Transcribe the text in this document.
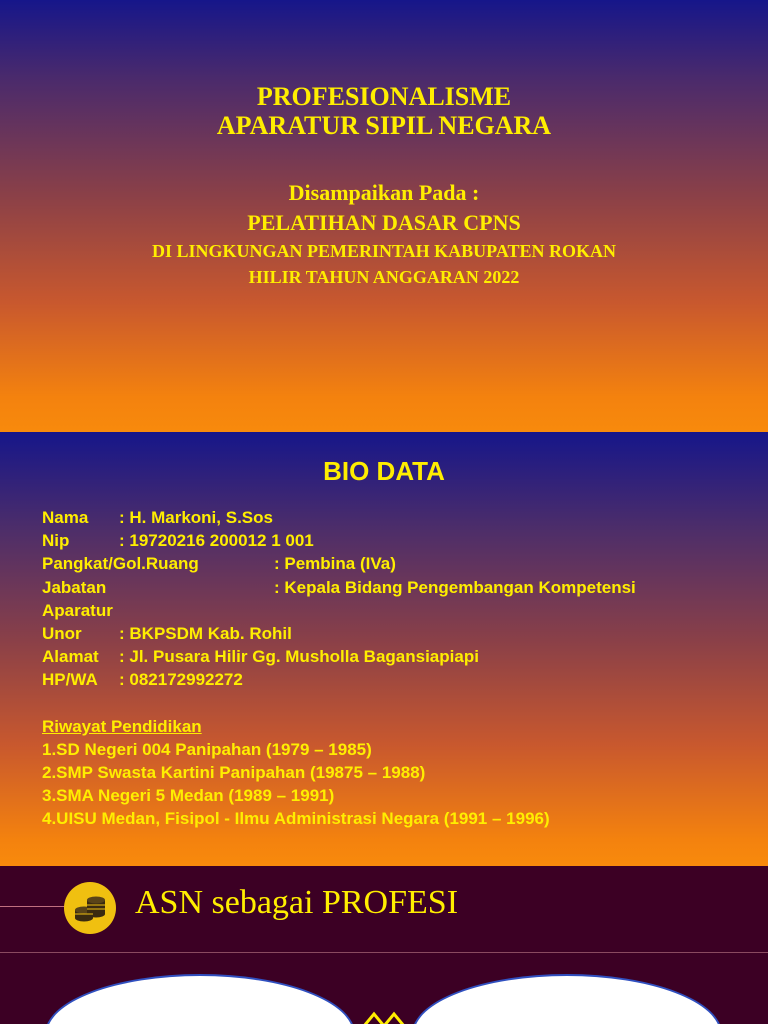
PROFESIONALISME
APARATUR SIPIL NEGARA
Disampaikan Pada :
PELATIHAN DASAR CPNS
DI LINGKUNGAN PEMERINTAH KABUPATEN ROKAN
HILIR TAHUN ANGGARAN 2022
BIO DATA
Nama : H. Markoni, S.Sos
Nip	: 19720216 200012 1 001
Pangkat/Gol.Ruang	: Pembina (IVa)
Jabatan	: Kepala Bidang Pengembangan Kompetensi
Aparatur
Unor : BKPSDM Kab. Rohil
Alamat : Jl. Pusara Hilir Gg. Musholla Bagansiapiapi
HP/WA : 082172992272
Riwayat Pendidikan
1.SD Negeri 004 Panipahan (1979 – 1985)
2.SMP Swasta Kartini Panipahan (19875 – 1988)
3.SMA Negeri 5 Medan (1989 – 1991)
4.UISU Medan, Fisipol - Ilmu Administrasi Negara (1991 – 1996)
ASN sebagai PROFESI
